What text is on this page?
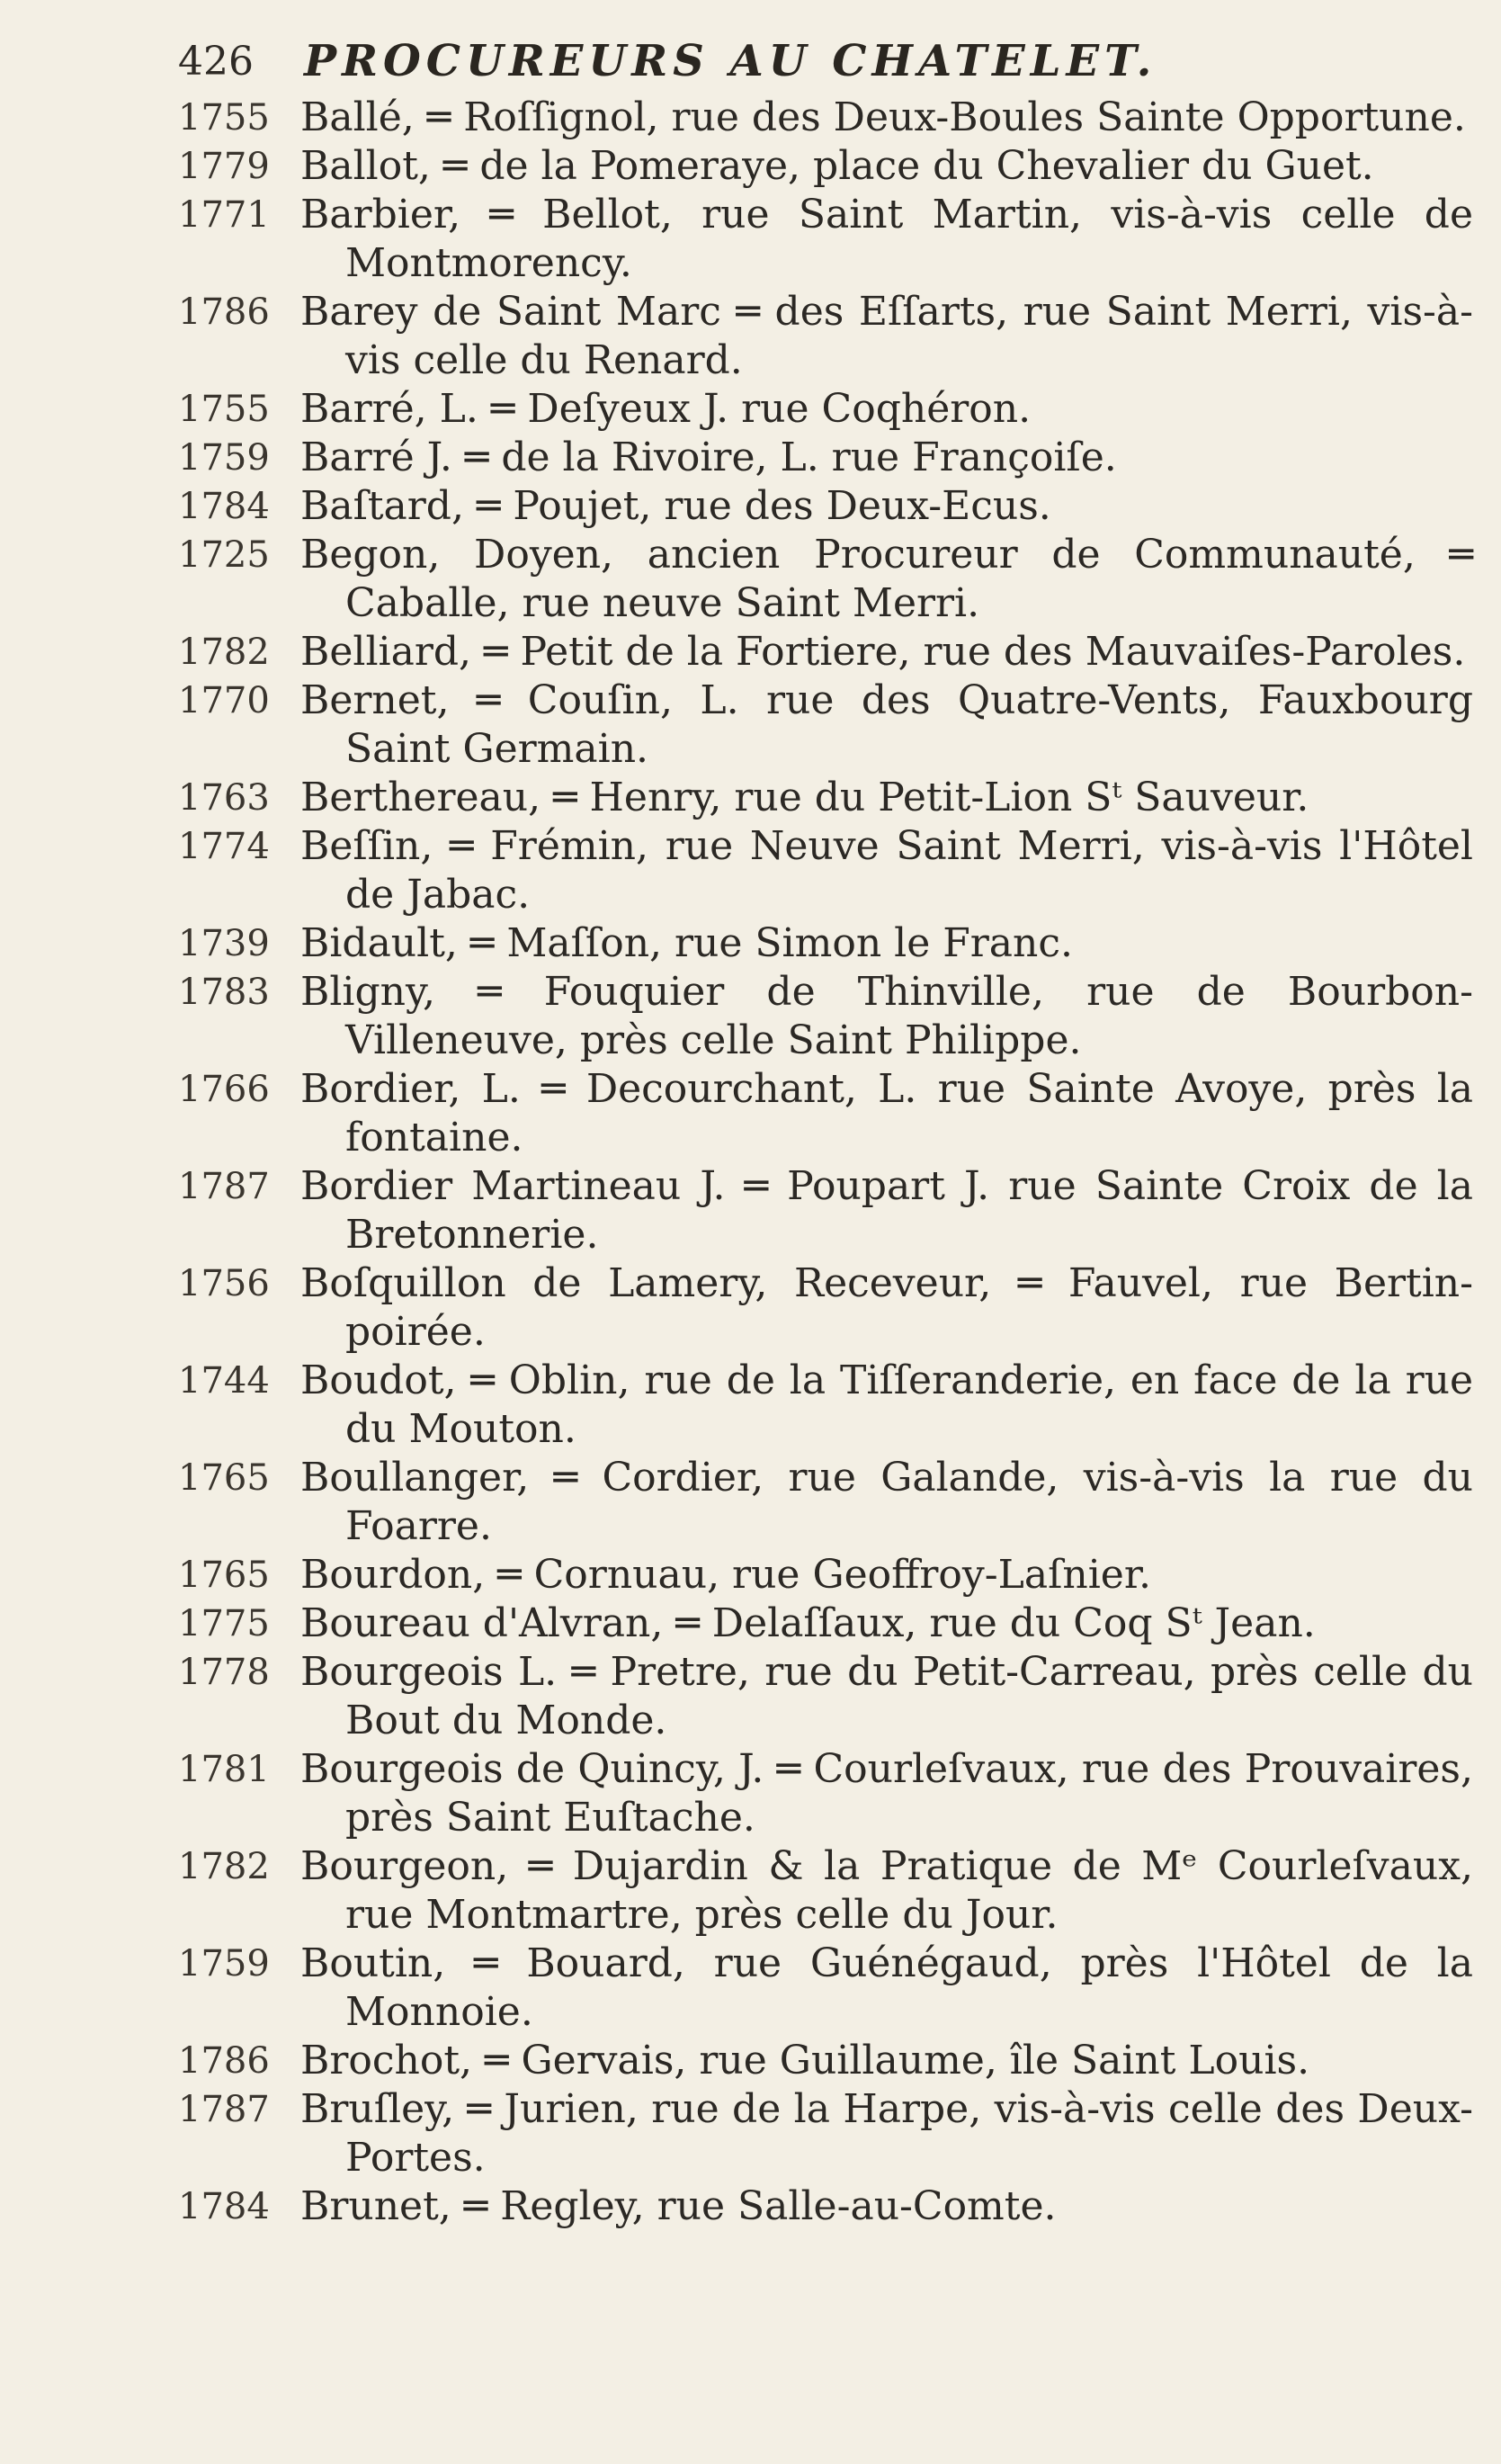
426	PROCUREURS AU CHATELET.
1755 Ballé, ═ Roſſignol, rue des Deux-Boules Sainte Opportune.
1779 Ballot, ═ de la Pomeraye, place du Chevalier du Guet.
1771 Barbier, ═ Bellot, rue Saint Martin, vis-à-vis celle de Montmorency.
1786 Barey de Saint Marc ═ des Eſſarts, rue Saint Merri, vis-à-vis celle du Renard.
1755 Barré, L. ═ Deſyeux J. rue Coqhéron.
1759 Barré J. ═ de la Rivoire, L. rue Françoiſe.
1784 Baſtard, ═ Poujet, rue des Deux-Ecus.
1725 Begon, Doyen, ancien Procureur de Communauté, ═ Caballe, rue neuve Saint Merri.
1782 Belliard, ═ Petit de la Fortiere, rue des Mauvaiſes-Paroles.
1770 Bernet, ═ Couſin, L. rue des Quatre-Vents, Fauxbourg Saint Germain.
1763 Berthereau, ═ Henry, rue du Petit-Lion Sᵗ Sauveur.
1774 Beſſin, ═ Frémin, rue Neuve Saint Merri, vis-à-vis l'Hôtel de Jabac.
1739 Bidault, ═ Maſſon, rue Simon le Franc.
1783 Bligny, ═ Fouquier de Thinville, rue de Bourbon-Villeneuve, près celle Saint Philippe.
1766 Bordier, L. ═ Decourchant, L. rue Sainte Avoye, près la fontaine.
1787 Bordier Martineau J. ═ Poupart J. rue Sainte Croix de la Bretonnerie.
1756 Boſquillon de Lamery, Receveur, ═ Fauvel, rue Bertin-poirée.
1744 Boudot, ═ Oblin, rue de la Tiſſeranderie, en face de la rue du Mouton.
1765 Boullanger, ═ Cordier, rue Galande, vis-à-vis la rue du Foarre.
1765 Bourdon, ═ Cornuau, rue Geoffroy-Laſnier.
1775 Boureau d'Alvran, ═ Delaſſaux, rue du Coq Sᵗ Jean.
1778 Bourgeois L. ═ Pretre, rue du Petit-Carreau, près celle du Bout du Monde.
1781 Bourgeois de Quincy, J. ═ Courleſvaux, rue des Prouvaires, près Saint Euſtache.
1782 Bourgeon, ═ Dujardin & la Pratique de Mᵉ Courleſvaux, rue Montmartre, près celle du Jour.
1759 Boutin, ═ Bouard, rue Guénégaud, près l'Hôtel de la Monnoie.
1786 Brochot, ═ Gervais, rue Guillaume, île Saint Louis.
1787 Bruſley, ═ Jurien, rue de la Harpe, vis-à-vis celle des Deux-Portes.
1784 Brunet, ═ Regley, rue Salle-au-Comte.
